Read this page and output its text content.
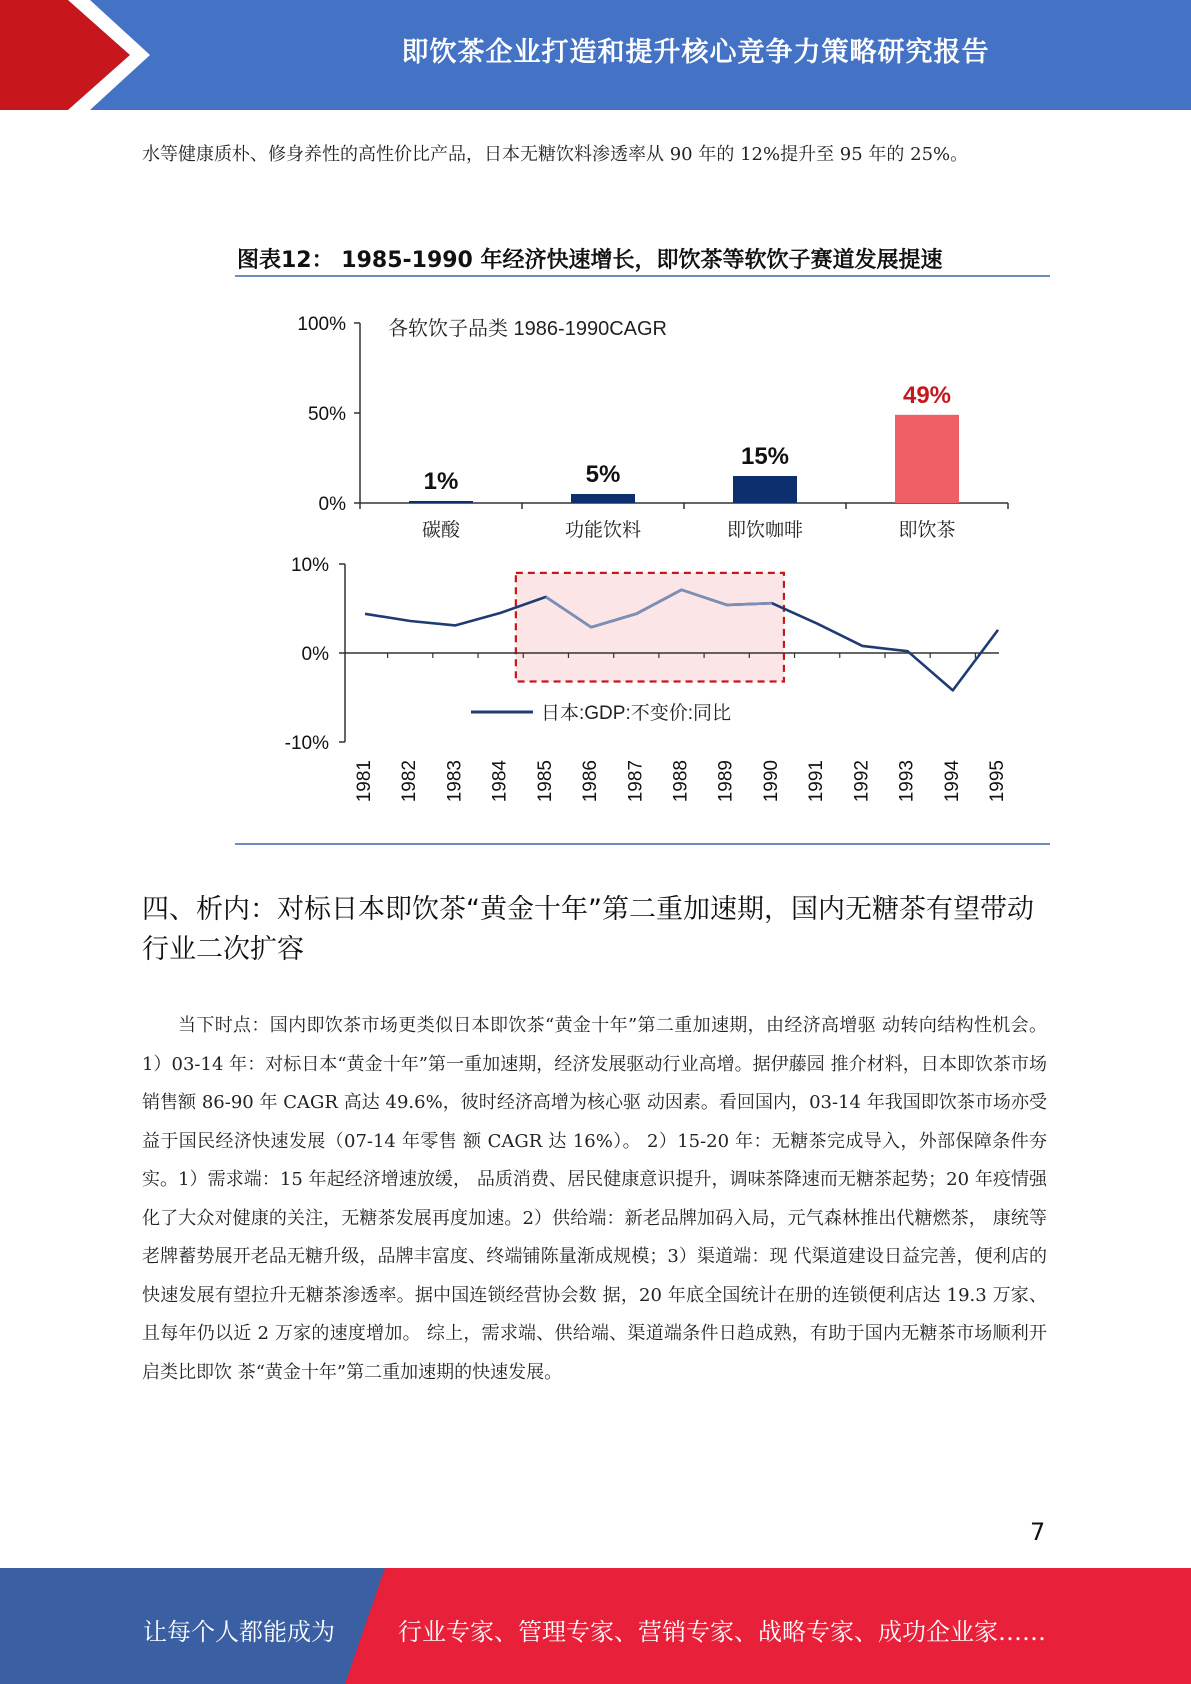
即饮茶企业打造和提升核心竞争力策略研究报告
水等健康质朴、修身养性的高性价比产品，日本无糖饮料渗透率从 90 年的 12%提升至 95 年的 25%。
图表12： 1985-1990 年经济快速增长，即饮茶等软饮子赛道发展提速
100%
50%
0%
各软饮子品类 1986-1990CAGR
1%
碳酸
5%
功能饮料
15%
即饮咖啡
49%
即饮茶
10%
0%
-10%
日本:GDP:不变价:同比
1981 1982 1983 1984 1985 1986 1987 1988 1989 1990 1991 1992 1993 1994 1995
四、析内：对标日本即饮茶“黄金十年”第二重加速期，国内无糖茶有望带动行业二次扩容
当下时点：国内即饮茶市场更类似日本即饮茶“黄金十年”第二重加速期，由经济高增驱 动转向结构性机会。 1）03-14 年：对标日本“黄金十年”第一重加速期，经济发展驱动行业高增。据伊藤园 推介材料，日本即饮茶市场销售额 86-90 年 CAGR 高达 49.6%，彼时经济高增为核心驱 动因素。看回国内，03-14 年我国即饮茶市场亦受益于国民经济快速发展（07-14 年零售 额 CAGR 达 16%）。 2）15-20 年：无糖茶完成导入，外部保障条件夯实。1）需求端：15 年起经济增速放缓， 品质消费、居民健康意识提升，调味茶降速而无糖茶起势；20 年疫情强化了大众对健康的关注，无糖茶发展再度加速。2）供给端：新老品牌加码入局，元气森林推出代糖燃茶， 康统等老牌蓄势展开老品无糖升级，品牌丰富度、终端铺陈量渐成规模；3）渠道端：现 代渠道建设日益完善，便利店的快速发展有望拉升无糖茶渗透率。据中国连锁经营协会数 据，20 年底全国统计在册的连锁便利店达 19.3 万家、且每年仍以近 2 万家的速度增加。 综上，需求端、供给端、渠道端条件日趋成熟，有助于国内无糖茶市场顺利开启类比即饮 茶“黄金十年”第二重加速期的快速发展。
7
让每个人都能成为	行业专家、管理专家、营销专家、战略专家、成功企业家……
